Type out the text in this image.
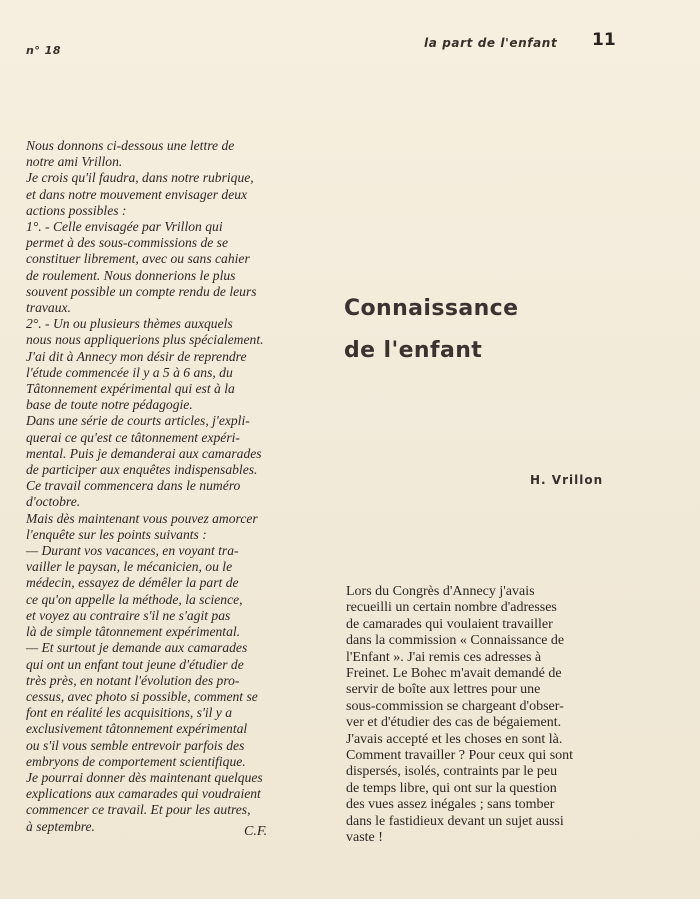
n° 18
la part de l'enfant 11

Nous donnons ci-dessous une lettre de

notre ami Vrillon.

Je crois qu'il faudra, dans notre rubrique,

et dans notre mouvement envisager deux

actions possibles :

1°. - Celle envisagée par Vrillon qui

permet à des sous-commissions de se

constituer librement, avec ou sans cahier

de roulement. Nous donnerions le plus

souvent possible un compte rendu de leurs

travaux.

2°. - Un ou plusieurs thèmes auxquels

nous nous appliquerions plus spécialement.

J'ai dit à Annecy mon désir de reprendre

l'étude commencée il y a 5 à 6 ans, du

Tâtonnement expérimental qui est à la

base de toute notre pédagogie.

Dans une série de courts articles, j'expli-

querai ce qu'est ce tâtonnement expéri-

mental. Puis je demanderai aux camarades

de participer aux enquêtes indispensables.

Ce travail commencera dans le numéro

d'octobre.

Mais dès maintenant vous pouvez amorcer

l'enquête sur les points suivants :

— Durant vos vacances, en voyant tra-

vailler le paysan, le mécanicien, ou le

médecin, essayez de démêler la part de

ce qu'on appelle la méthode, la science,

et voyez au contraire s'il ne s'agit pas

là de simple tâtonnement expérimental.

— Et surtout je demande aux camarades

qui ont un enfant tout jeune d'étudier de

très près, en notant l'évolution des pro-

cessus, avec photo si possible, comment se

font en réalité les acquisitions, s'il y a

exclusivement tâtonnement expérimental

ou s'il vous semble entrevoir parfois des

embryons de comportement scientifique.

Je pourrai donner dès maintenant quelques

explications aux camarades qui voudraient

commencer ce travail. Et pour les autres,

à septembre.	C.F.
Connaissance
de l'enfant
H. Vrillon

Lors du Congrès d'Annecy j'avais

recueilli un certain nombre d'adresses

de camarades qui voulaient travailler

dans la commission « Connaissance de

l'Enfant ». J'ai remis ces adresses à

Freinet. Le Bohec m'avait demandé de

servir de boîte aux lettres pour une

sous-commission se chargeant d'obser-

ver et d'étudier des cas de bégaiement.

J'avais accepté et les choses en sont là.

Comment travailler ? Pour ceux qui sont

dispersés, isolés, contraints par le peu

de temps libre, qui ont sur la question

des vues assez inégales ; sans tomber

dans le fastidieux devant un sujet aussi

vaste !
